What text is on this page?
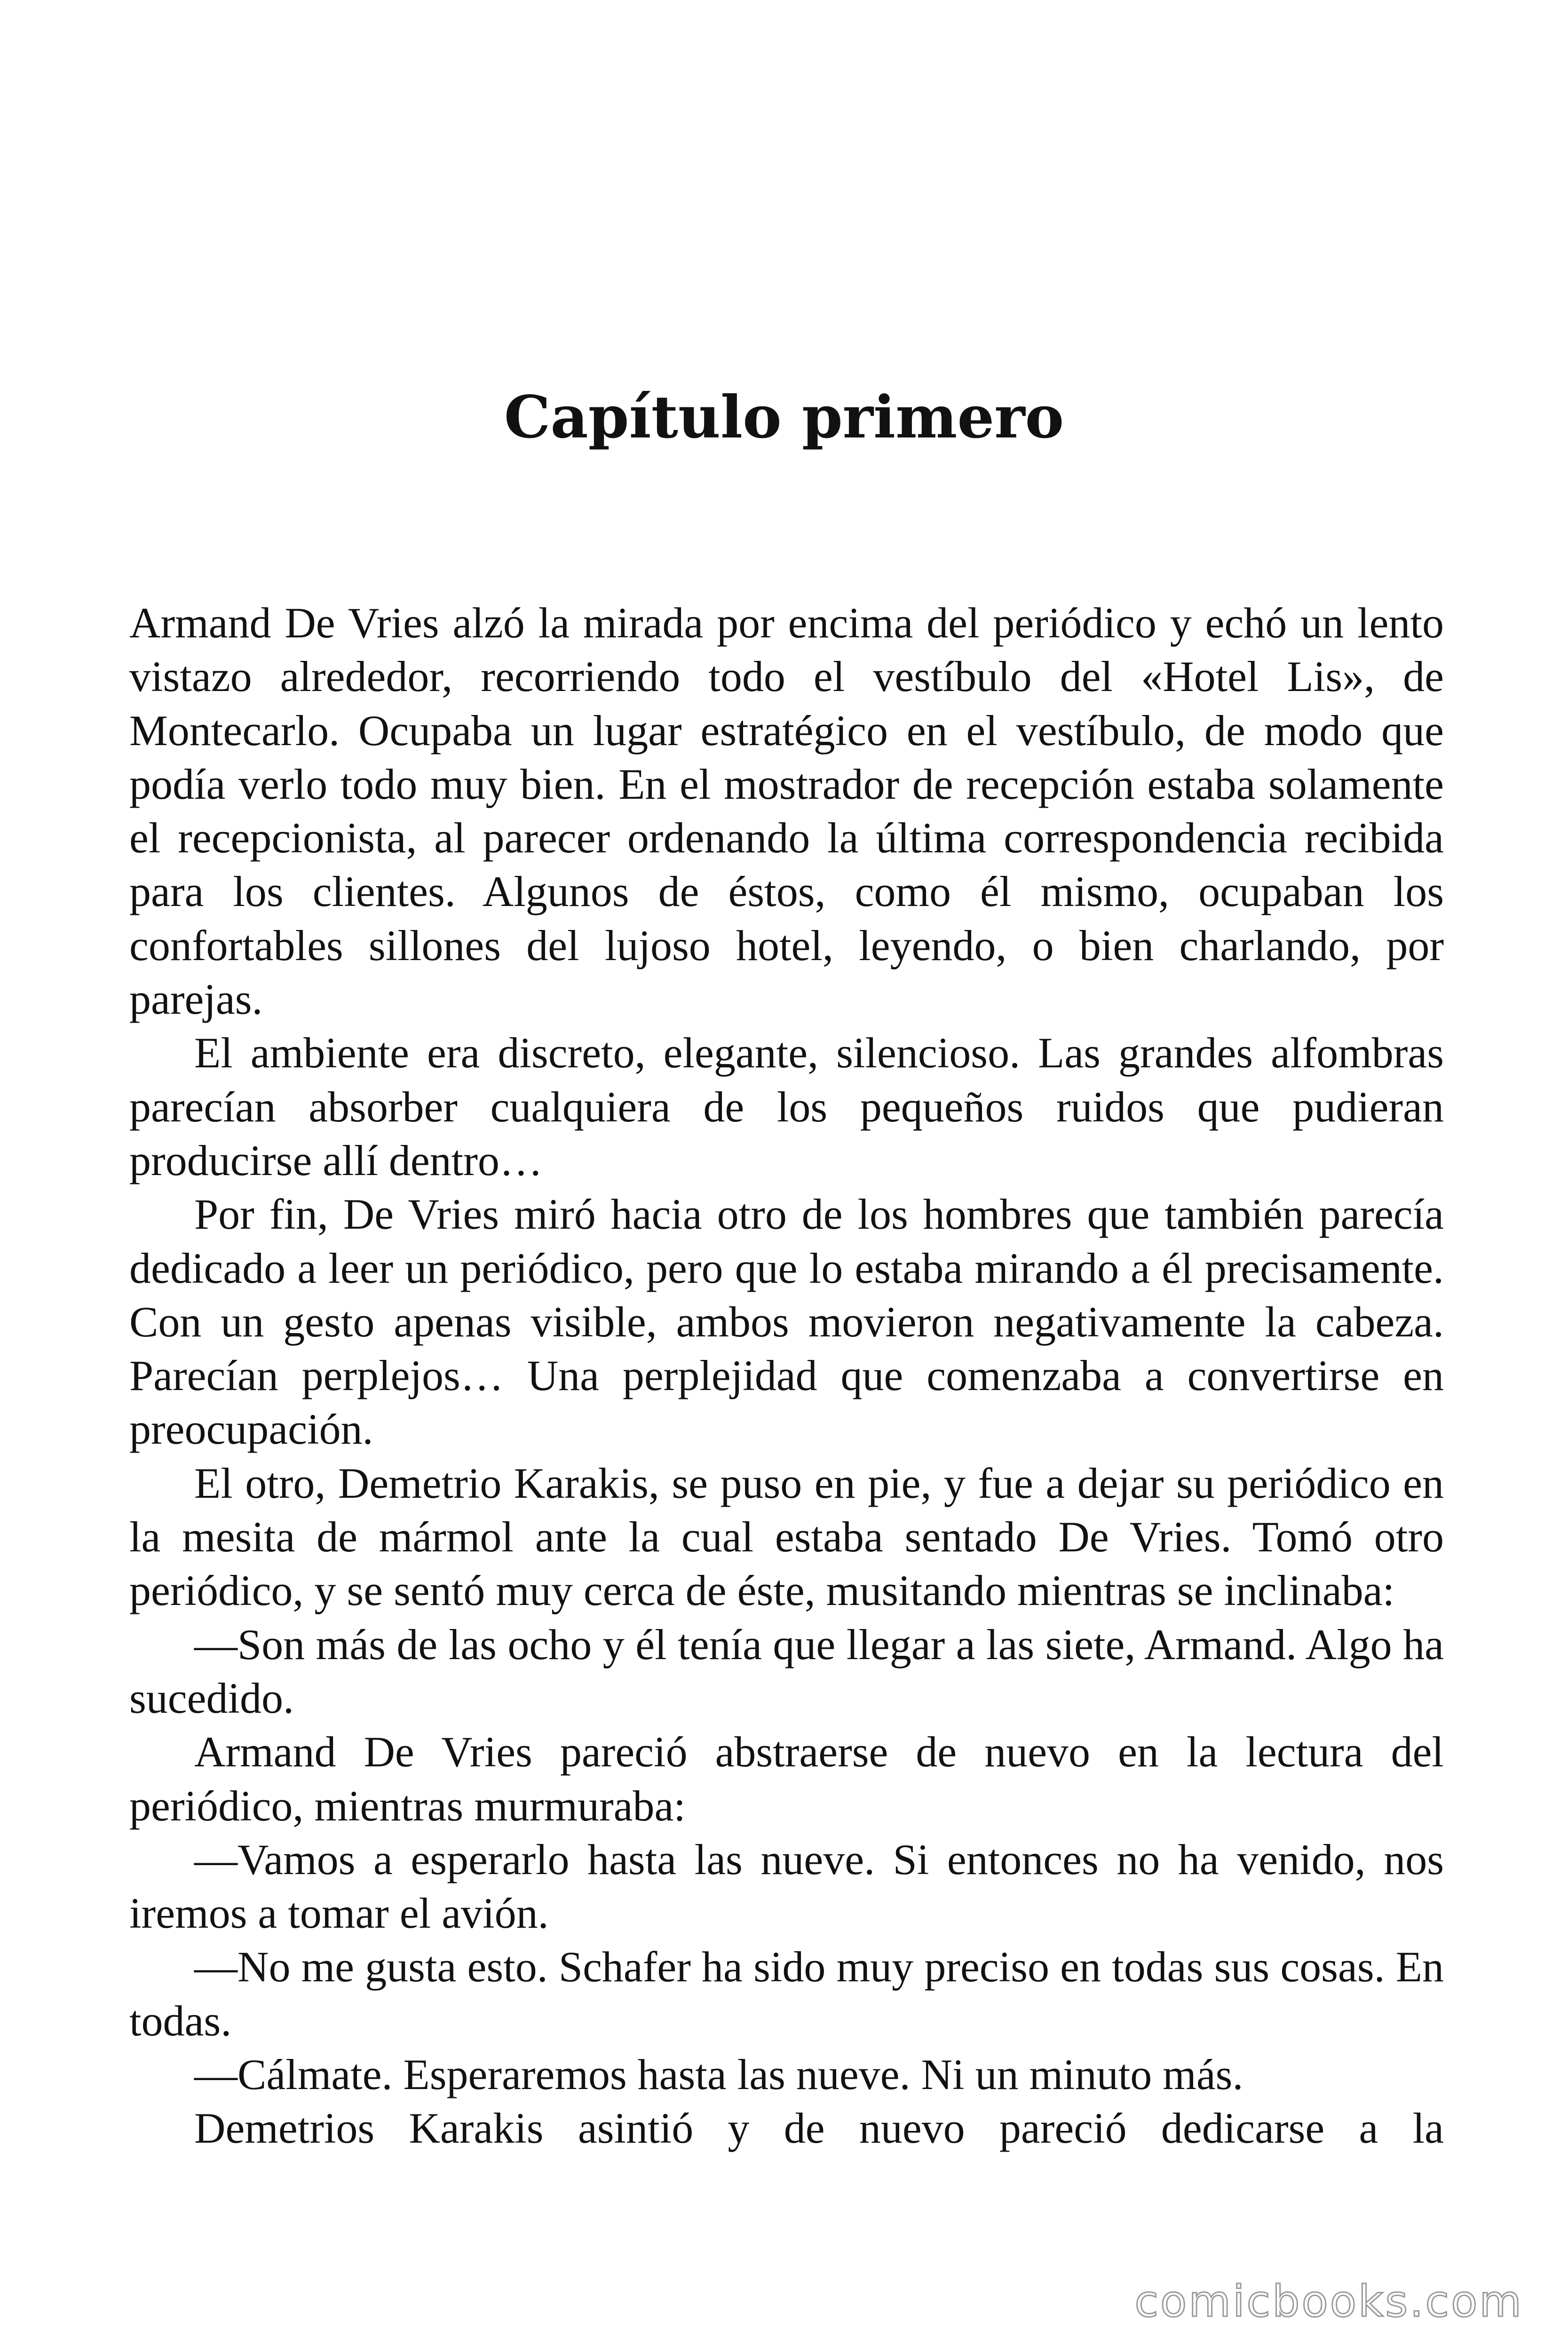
Capítulo primero

Armand De Vries alzó la mirada por encima del periódico y echó un lento vistazo alrededor, recorriendo todo el vestíbulo del «Hotel Lis», de Montecarlo. Ocupaba un lugar estratégico en el vestíbulo, de modo que podía verlo todo muy bien. En el mostrador de recepción estaba solamente el recepcionista, al parecer ordenando la última correspondencia recibida para los clientes. Algunos de éstos, como él mismo, ocupaban los confortables sillones del lujoso hotel, leyendo, o bien charlando, por parejas.

El ambiente era discreto, elegante, silencioso. Las grandes alfombras parecían absorber cualquiera de los pequeños ruidos que pudieran producirse allí dentro…

Por fin, De Vries miró hacia otro de los hombres que también parecía dedicado a leer un periódico, pero que lo estaba mirando a él precisamente. Con un gesto apenas visible, ambos movieron negativamente la cabeza. Parecían perplejos… Una perplejidad que comenzaba a convertirse en preocupación.

El otro, Demetrio Karakis, se puso en pie, y fue a dejar su periódico en la mesita de mármol ante la cual estaba sentado De Vries. Tomó otro periódico, y se sentó muy cerca de éste, musitando mientras se inclinaba:

—Son más de las ocho y él tenía que llegar a las siete, Armand. Algo ha sucedido.

Armand De Vries pareció abstraerse de nuevo en la lectura del periódico, mientras murmuraba:

—Vamos a esperarlo hasta las nueve. Si entonces no ha venido, nos iremos a tomar el avión.

—No me gusta esto. Schafer ha sido muy preciso en todas sus cosas. En todas.

—Cálmate. Esperaremos hasta las nueve. Ni un minuto más.

Demetrios Karakis asintió y de nuevo pareció dedicarse a la

comicbooks.com
